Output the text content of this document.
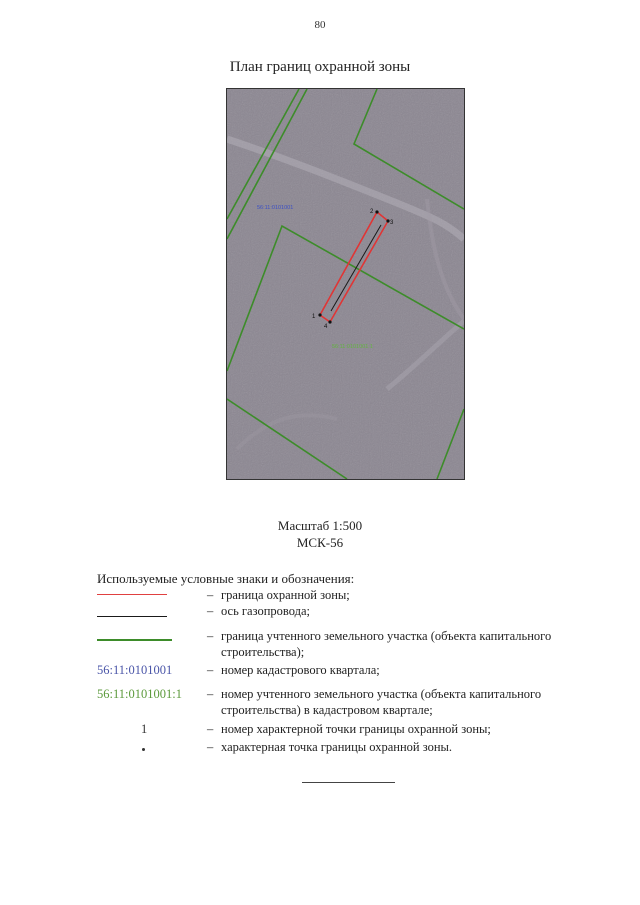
80
План границ охранной зоны
1
2
3
4
56:11:0101001
56:11:0101001:1
Масштаб 1:500
МСК-56
Используемые условные знаки и обозначения:
– граница охранной зоны;
– ось газопровода;
– граница учтенного земельного участка (объекта капитального строительства);
56:11:0101001	– номер кадастрового квартала;
56:11:0101001:1 – номер учтенного земельного участка (объекта капитального строительства) в кадастровом квартале;
1	– номер характерной точки границы охранной зоны;
– характерная точка границы охранной зоны.
